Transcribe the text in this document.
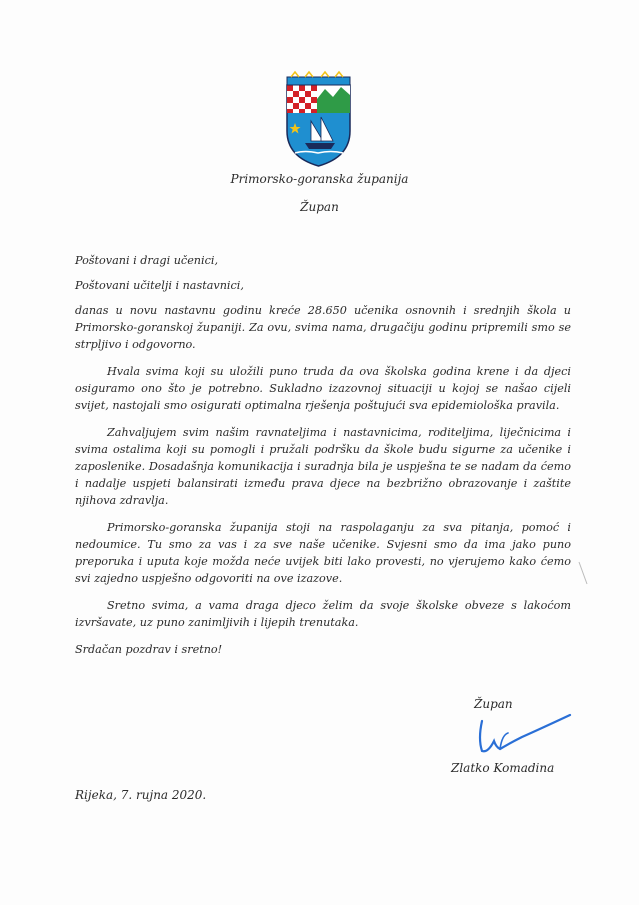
Primorsko-goranska županija
Župan

Poštovani i dragi učenici,

Poštovani učitelji i nastavnici,

danas u novu nastavnu godinu kreće 28.650 učenika osnovnih i srednjih škola u Primorsko-goranskoj županiji. Za ovu, svima nama, drugačiju godinu pripremili smo se strpljivo i odgovorno.

Hvala svima koji su uložili puno truda da ova školska godina krene i da djeci osiguramo ono što je potrebno. Sukladno izazovnoj situaciji u kojoj se našao cijeli svijet, nastojali smo osigurati optimalna rješenja poštujući sva epidemiološka pravila.

Zahvaljujem svim našim ravnateljima i nastavnicima, roditeljima, liječnicima i svima ostalima koji su pomogli i pružali podršku da škole budu sigurne za učenike i zaposlenike. Dosadašnja komunikacija i suradnja bila je uspješna te se nadam da ćemo i nadalje uspjeti balansirati između prava djece na bezbrižno obrazovanje i zaštite njihova zdravlja.

Primorsko-goranska županija stoji na raspolaganju za sva pitanja, pomoć i nedoumice. Tu smo za vas i za sve naše učenike. Svjesni smo da ima jako puno preporuka i uputa koje možda neće uvijek biti lako provesti, no vjerujemo kako ćemo svi zajedno uspješno odgovoriti na ove izazove.

Sretno svima, a vama draga djeco želim da svoje školske obveze s lakoćom izvršavate, uz puno zanimljivih i lijepih trenutaka.

Srdačan pozdrav i sretno!

Župan
Zlatko Komadina
Rijeka, 7. rujna 2020.
